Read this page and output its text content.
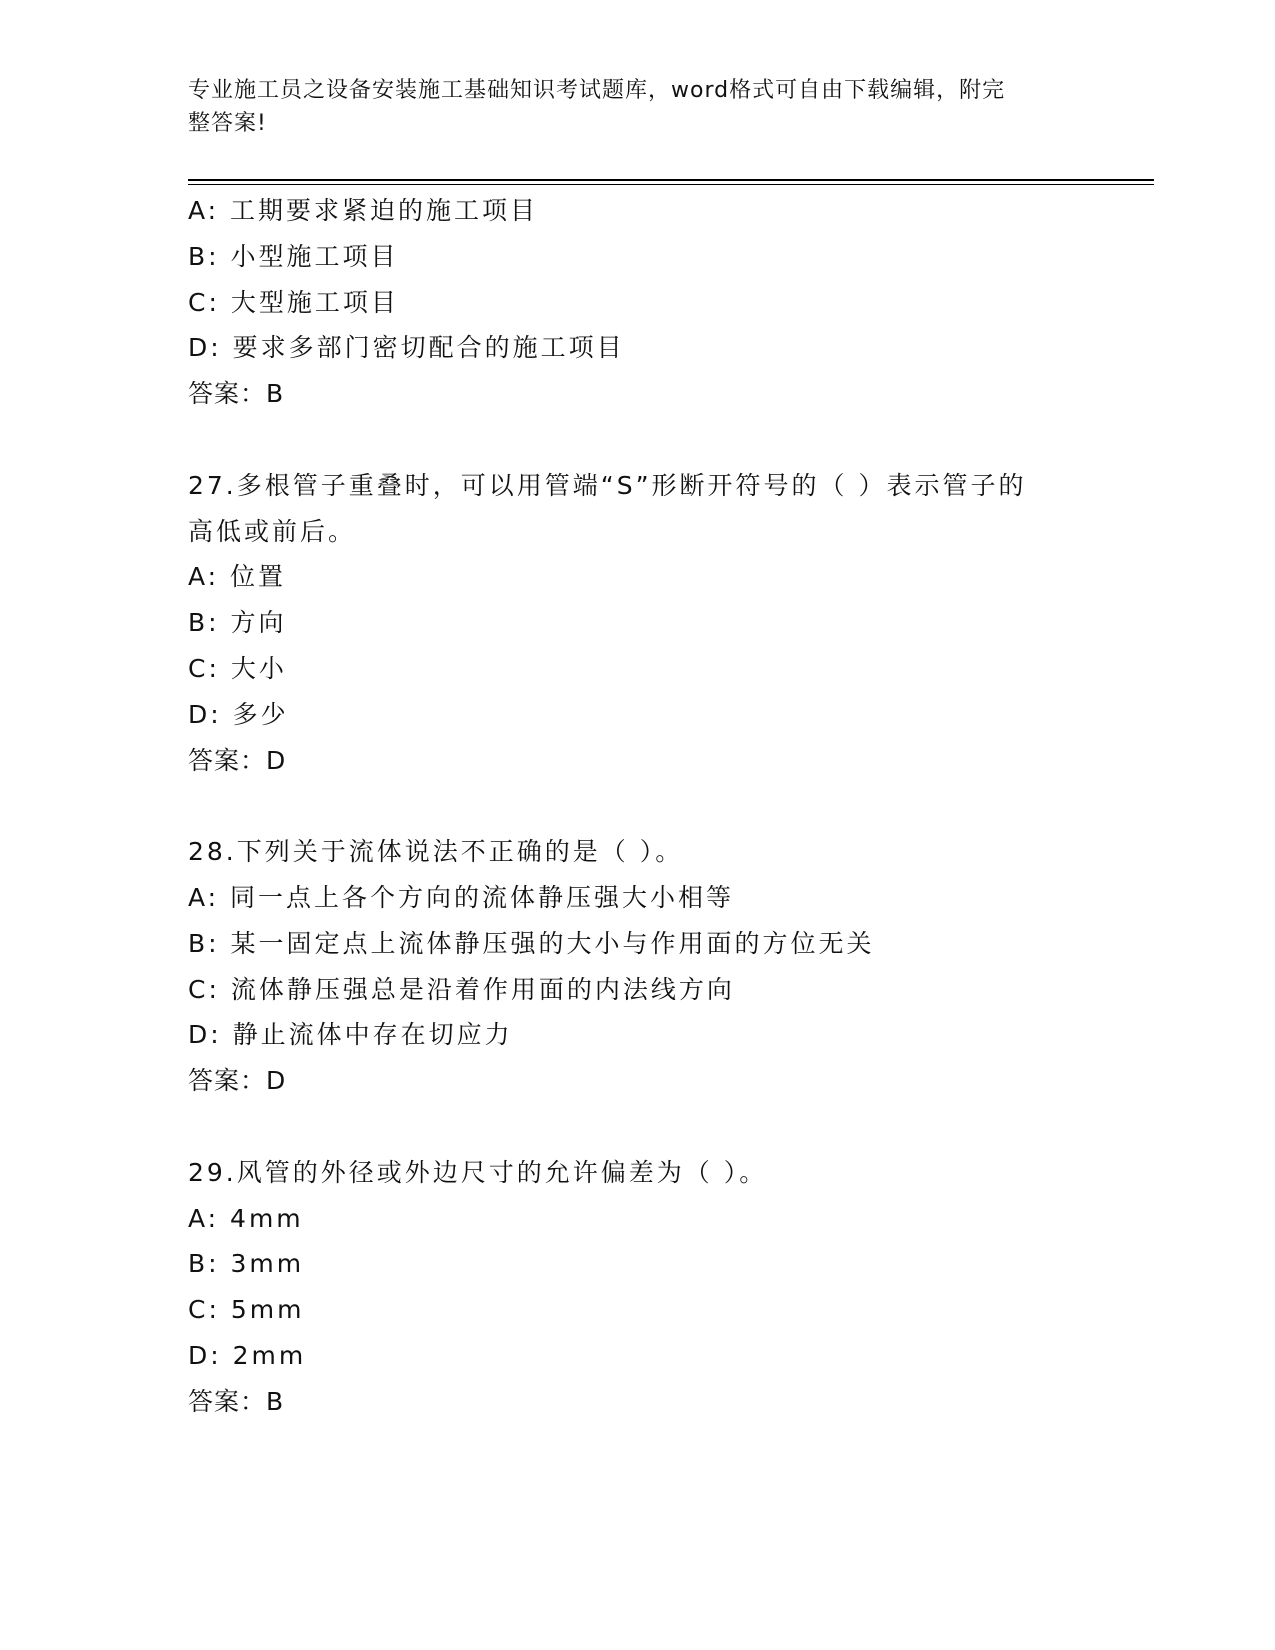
专业施工员之设备安装施工基础知识考试题库，word格式可自由下载编辑，附完
整答案!
A: 工期要求紧迫的施工项目
B: 小型施工项目
C: 大型施工项目
D: 要求多部门密切配合的施工项目
答案：B
27.多根管子重叠时，可以用管端“S”形断开符号的（ ）表示管子的
高低或前后。
A: 位置
B: 方向
C: 大小
D: 多少
答案：D
28.下列关于流体说法不正确的是（ ）。
A: 同一点上各个方向的流体静压强大小相等
B: 某一固定点上流体静压强的大小与作用面的方位无关
C: 流体静压强总是沿着作用面的内法线方向
D: 静止流体中存在切应力
答案：D
29.风管的外径或外边尺寸的允许偏差为（ ）。
A: 4mm
B: 3mm
C: 5mm
D: 2mm
答案：B
